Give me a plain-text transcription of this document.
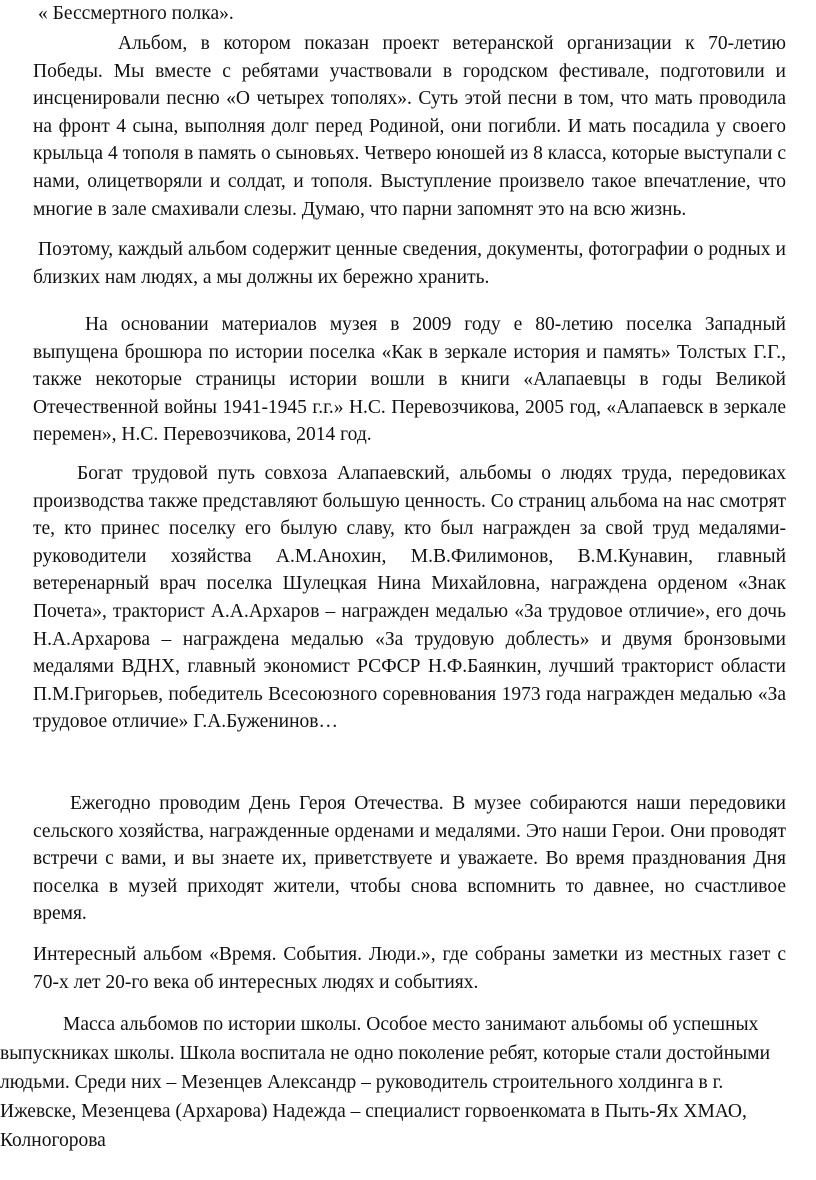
« Бессмертного полка».

Альбом, в котором показан проект ветеранской организации к 70-летию Победы. Мы вместе с ребятами участвовали в городском фестивале, подготовили и инсценировали песню «О четырех тополях». Суть этой песни в том, что мать проводила на фронт 4 сына, выполняя долг перед Родиной, они погибли. И мать посадила у своего крыльца 4 тополя в память о сыновьях. Четверо юношей из 8 класса, которые выступали с нами, олицетворяли и солдат, и тополя. Выступление произвело такое впечатление, что многие в зале смахивали слезы. Думаю, что парни запомнят это на всю жизнь.

Поэтому, каждый альбом содержит ценные сведения, документы, фотографии о родных и близких нам людях, а мы должны их бережно хранить.

На основании материалов музея в 2009 году е 80-летию поселка Западный выпущена брошюра по истории поселка «Как в зеркале история и память» Толстых Г.Г., также некоторые страницы истории вошли в книги «Алапаевцы в годы Великой Отечественной войны 1941-1945 г.г.» Н.С. Перевозчикова, 2005 год, «Алапаевск в зеркале перемен», Н.С. Перевозчикова, 2014 год.

Богат трудовой путь совхоза Алапаевский, альбомы о людях труда, передовиках производства также представляют большую ценность. Со страниц альбома на нас смотрят те, кто принес поселку его былую славу, кто был награжден за свой труд медалями- руководители хозяйства А.М.Анохин, М.В.Филимонов, В.М.Кунавин, главный ветеренарный врач поселка Шулецкая Нина Михайловна, награждена орденом «Знак Почета», тракторист А.А.Архаров – награжден медалью «За трудовое отличие», его дочь Н.А.Архарова – награждена медалью «За трудовую доблесть» и двумя бронзовыми медалями ВДНХ, главный экономист РСФСР Н.Ф.Баянкин, лучший тракторист области П.М.Григорьев, победитель Всесоюзного соревнования 1973 года награжден медалью «За трудовое отличие» Г.А.Буженинов…

Ежегодно проводим День Героя Отечества. В музее собираются наши передовики сельского хозяйства, награжденные орденами и медалями. Это наши Герои. Они проводят встречи с вами, и вы знаете их, приветствуете и уважаете. Во время празднования Дня поселка в музей приходят жители, чтобы снова вспомнить то давнее, но счастливое время.

Интересный альбом «Время. События. Люди.», где собраны заметки из местных газет с 70-х лет 20-го века об интересных людях и событиях.

Масса альбомов по истории школы. Особое место занимают альбомы об успешных выпускниках школы. Школа воспитала не одно поколение ребят, которые стали достойными людьми. Среди них – Мезенцев Александр – руководитель строительного холдинга в г. Ижевске, Мезенцева (Архарова) Надежда – специалист горвоенкомата в Пыть-Ях ХМАО, Колногорова
